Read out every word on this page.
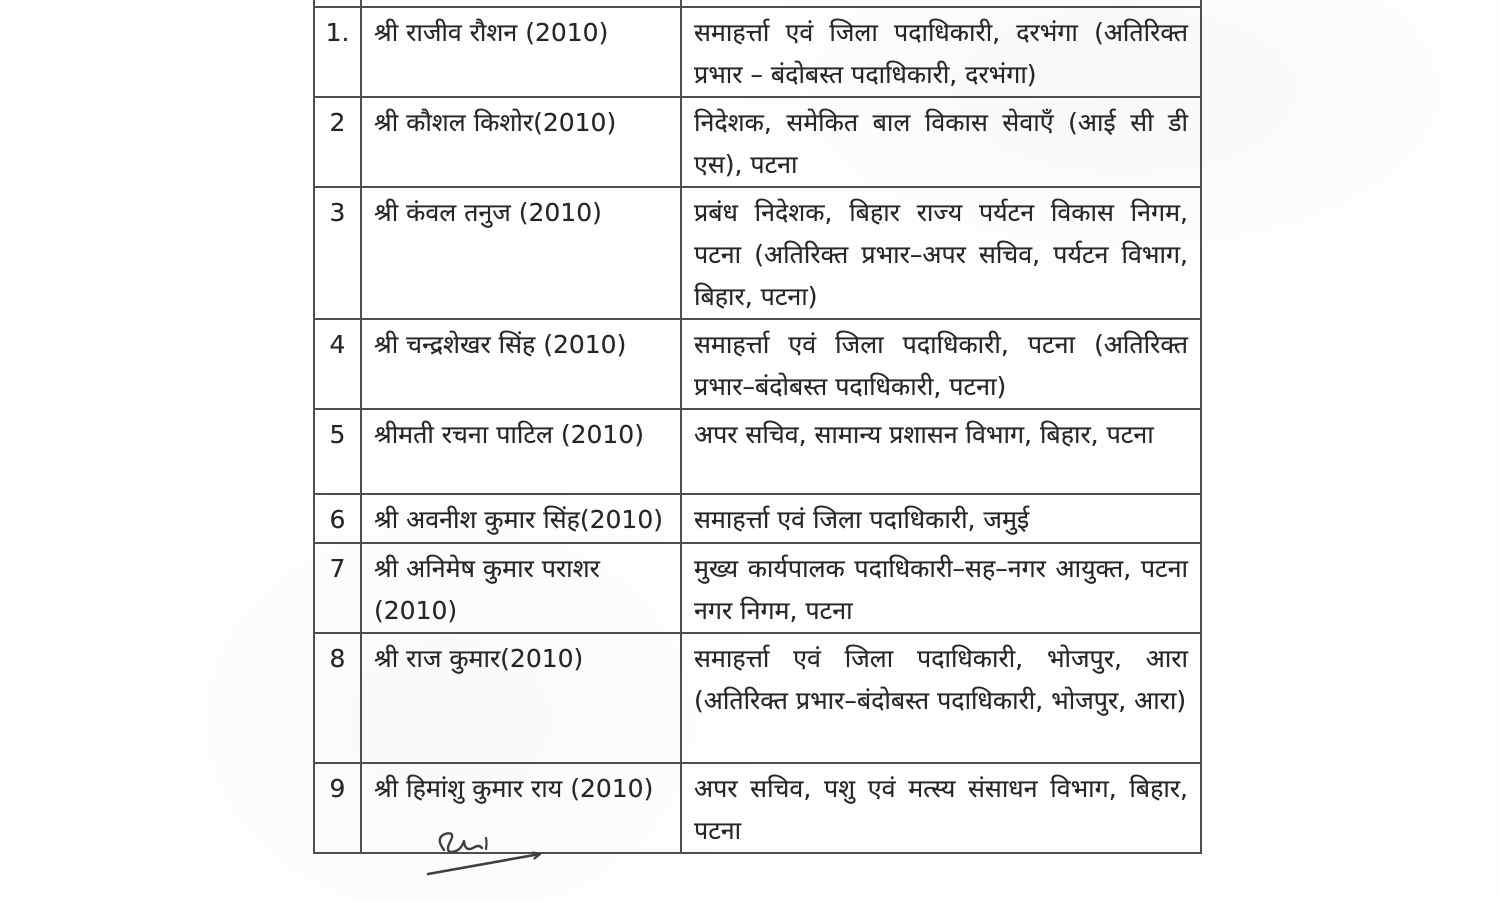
1.	श्री राजीव रौशन (2010)	समाहर्त्ता एवं जिला पदाधिकारी, दरभंगा (अतिरिक्त प्रभार – बंदोबस्त पदाधिकारी, दरभंगा)
2	श्री कौशल किशोर(2010)	निदेशक, समेकित बाल विकास सेवाएँ (आई सी डी एस), पटना
3	श्री कंवल तनुज (2010)	प्रबंध निदेशक, बिहार राज्य पर्यटन विकास निगम, पटना (अतिरिक्त प्रभार–अपर सचिव, पर्यटन विभाग, बिहार, पटना)
4	श्री चन्द्रशेखर सिंह (2010)	समाहर्त्ता एवं जिला पदाधिकारी, पटना (अतिरिक्त प्रभार–बंदोबस्त पदाधिकारी, पटना)
5	श्रीमती रचना पाटिल (2010)	अपर सचिव, सामान्य प्रशासन विभाग, बिहार, पटना
6	श्री अवनीश कुमार सिंह(2010)	समाहर्त्ता एवं जिला पदाधिकारी, जमुई
7	श्री अनिमेष कुमार पराशर (2010)	मुख्य कार्यपालक पदाधिकारी–सह–नगर आयुक्त, पटना नगर निगम, पटना
8	श्री राज कुमार(2010)	समाहर्त्ता एवं जिला पदाधिकारी, भोजपुर, आरा (अतिरिक्त प्रभार–बंदोबस्त पदाधिकारी, भोजपुर, आरा)
9	श्री हिमांशु कुमार राय (2010)	अपर सचिव, पशु एवं मत्स्य संसाधन विभाग, बिहार, पटना
